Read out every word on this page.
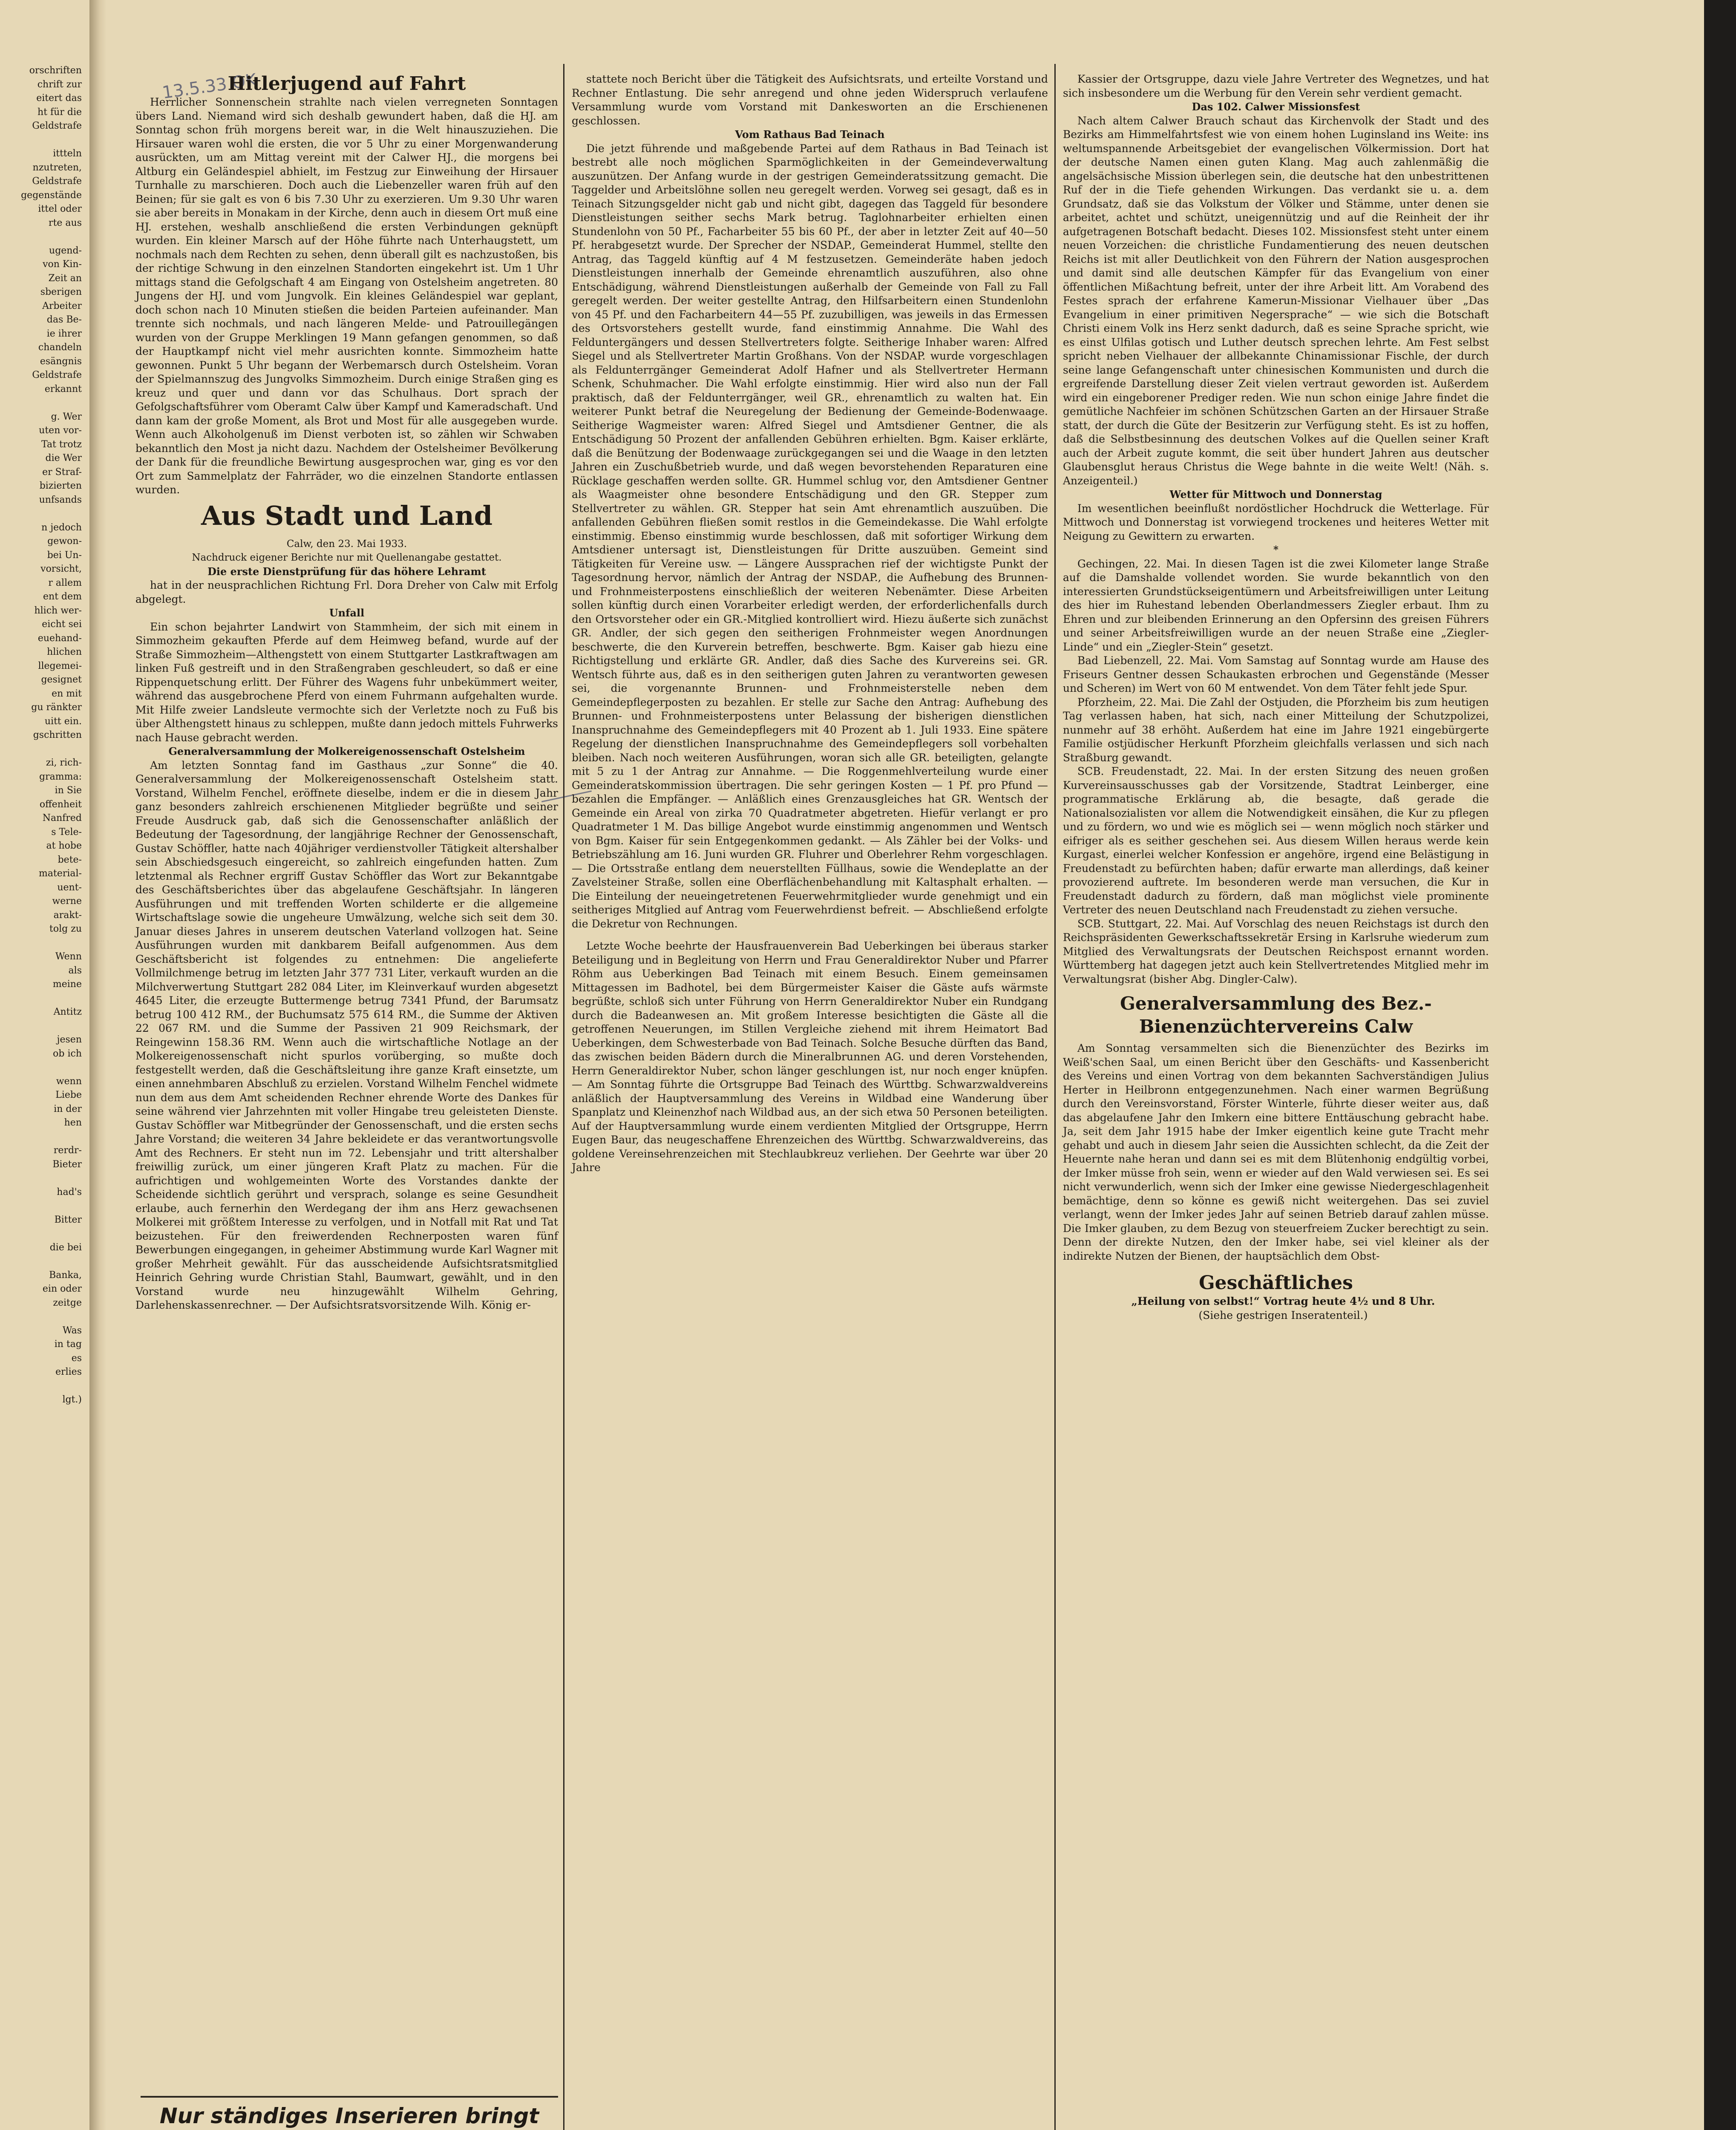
orschriften
chrift zur
eitert das
ht für die
Geldstrafe

ittteln
nzutreten,
Geldstrafe
gegenstände
ittel oder
rte aus

ugend-
von Kin-
Zeit an
sberigen
Arbeiter
das Be-
ie ihrer
chandeln
esängnis
Geldstrafe
erkannt

g. Wer
uten vor-
Tat trotz
die Wer
er Straf-
bizierten
unfsands

n jedoch
gewon-
bei Un-
vorsicht,
r allem
ent dem
hlich wer-
eicht sei
euehand-
hlichen
llegemei-
gesignet
en mit
gu ränkter
uitt ein.
gschritten

zi, rich-
gramma:
in Sie
offenheit
Nanfred
s Tele-
at hobe
bete-
material-
uent-
werne
arakt-
tolg zu

Wenn
als
meine

Antitz

jesen
ob ich

wenn
Liebe
in der
hen

rerdr-
Bieter

had's

Bitter

die bei

Banka,
ein oder
zeitge

Was
in tag
es
erlies

lgt.)
13.5.33 OK
Hitlerjugend auf Fahrt

Herrlicher Sonnenschein strahlte nach vielen verregneten Sonntagen übers Land. Niemand wird sich deshalb gewundert haben, daß die HJ. am Sonntag schon früh morgens bereit war, in die Welt hinauszuziehen. Die Hirsauer waren wohl die ersten, die vor 5 Uhr zu einer Morgenwanderung ausrückten, um am Mittag vereint mit der Calwer HJ., die morgens bei Altburg ein Geländespiel abhielt, im Festzug zur Einweihung der Hirsauer Turnhalle zu marschieren. Doch auch die Liebenzeller waren früh auf den Beinen; für sie galt es von 6 bis 7.30 Uhr zu exerzieren. Um 9.30 Uhr waren sie aber bereits in Monakam in der Kirche, denn auch in diesem Ort muß eine HJ. erstehen, weshalb anschließend die ersten Verbindungen geknüpft wurden. Ein kleiner Marsch auf der Höhe führte nach Unterhaugstett, um nochmals nach dem Rechten zu sehen, denn überall gilt es nachzustoßen, bis der richtige Schwung in den einzelnen Standorten eingekehrt ist. Um 1 Uhr mittags stand die Gefolgschaft 4 am Eingang von Ostelsheim angetreten. 80 Jungens der HJ. und vom Jungvolk. Ein kleines Geländespiel war geplant, doch schon nach 10 Minuten stießen die beiden Parteien aufeinander. Man trennte sich nochmals, und nach längeren Melde- und Patrouillegängen wurden von der Gruppe Merklingen 19 Mann gefangen genommen, so daß der Hauptkampf nicht viel mehr ausrichten konnte. Simmozheim hatte gewonnen. Punkt 5 Uhr begann der Werbemarsch durch Ostelsheim. Voran der Spielmannszug des Jungvolks Simmozheim. Durch einige Straßen ging es kreuz und quer und dann vor das Schulhaus. Dort sprach der Gefolgschaftsführer vom Oberamt Calw über Kampf und Kameradschaft. Und dann kam der große Moment, als Brot und Most für alle ausgegeben wurde. Wenn auch Alkoholgenuß im Dienst verboten ist, so zählen wir Schwaben bekanntlich den Most ja nicht dazu. Nachdem der Ostelsheimer Bevölkerung der Dank für die freundliche Bewirtung ausgesprochen war, ging es vor den Ort zum Sammelplatz der Fahrräder, wo die einzelnen Standorte entlassen wurden.

Aus Stadt und Land

Calw, den 23. Mai 1933.

Nachdruck eigener Berichte nur mit Quellenangabe gestattet.

Die erste Dienstprüfung für das höhere Lehramt

hat in der neusprachlichen Richtung Frl. Dora Dreher von Calw mit Erfolg abgelegt.

Unfall

Ein schon bejahrter Landwirt von Stammheim, der sich mit einem in Simmozheim gekauften Pferde auf dem Heimweg befand, wurde auf der Straße Simmozheim—Althengstett von einem Stuttgarter Lastkraftwagen am linken Fuß gestreift und in den Straßengraben geschleudert, so daß er eine Rippenquetschung erlitt. Der Führer des Wagens fuhr unbekümmert weiter, während das ausgebrochene Pferd von einem Fuhrmann aufgehalten wurde. Mit Hilfe zweier Landsleute vermochte sich der Verletzte noch zu Fuß bis über Althengstett hinaus zu schleppen, mußte dann jedoch mittels Fuhrwerks nach Hause gebracht werden.

Generalversammlung der Molkereigenossenschaft Ostelsheim

Am letzten Sonntag fand im Gasthaus „zur Sonne“ die 40. Generalversammlung der Molkereigenossenschaft Ostelsheim statt. Vorstand, Wilhelm Fenchel, eröffnete dieselbe, indem er die in diesem Jahr ganz besonders zahlreich erschienenen Mitglieder begrüßte und seiner Freude Ausdruck gab, daß sich die Genossenschafter anläßlich der Bedeutung der Tagesordnung, der langjährige Rechner der Genossenschaft, Gustav Schöffler, hatte nach 40jähriger verdienstvoller Tätigkeit altershalber sein Abschiedsgesuch eingereicht, so zahlreich eingefunden hatten. Zum letztenmal als Rechner ergriff Gustav Schöffler das Wort zur Bekanntgabe des Geschäftsberichtes über das abgelaufene Geschäftsjahr. In längeren Ausführungen und mit treffenden Worten schilderte er die allgemeine Wirtschaftslage sowie die ungeheure Umwälzung, welche sich seit dem 30. Januar dieses Jahres in unserem deutschen Vaterland vollzogen hat. Seine Ausführungen wurden mit dankbarem Beifall aufgenommen. Aus dem Geschäftsbericht ist folgendes zu entnehmen: Die angelieferte Vollmilchmenge betrug im letzten Jahr 377 731 Liter, verkauft wurden an die Milchverwertung Stuttgart 282 084 Liter, im Kleinverkauf wurden abgesetzt 4645 Liter, die erzeugte Buttermenge betrug 7341 Pfund, der Barumsatz betrug 100 412 RM., der Buchumsatz 575 614 RM., die Summe der Aktiven 22 067 RM. und die Summe der Passiven 21 909 Reichsmark, der Reingewinn 158.36 RM. Wenn auch die wirtschaftliche Notlage an der Molkereigenossenschaft nicht spurlos vorüberging, so mußte doch festgestellt werden, daß die Geschäftsleitung ihre ganze Kraft einsetzte, um einen annehmbaren Abschluß zu erzielen. Vorstand Wilhelm Fenchel widmete nun dem aus dem Amt scheidenden Rechner ehrende Worte des Dankes für seine während vier Jahrzehnten mit voller Hingabe treu geleisteten Dienste. Gustav Schöffler war Mitbegründer der Genossenschaft, und die ersten sechs Jahre Vorstand; die weiteren 34 Jahre bekleidete er das verantwortungsvolle Amt des Rechners. Er steht nun im 72. Lebensjahr und tritt altershalber freiwillig zurück, um einer jüngeren Kraft Platz zu machen. Für die aufrichtigen und wohlgemeinten Worte des Vorstandes dankte der Scheidende sichtlich gerührt und versprach, solange es seine Gesundheit erlaube, auch fernerhin den Werdegang der ihm ans Herz gewachsenen Molkerei mit größtem Interesse zu verfolgen, und in Notfall mit Rat und Tat beizustehen. Für den freiwerdenden Rechnerposten waren fünf Bewerbungen eingegangen, in geheimer Abstimmung wurde Karl Wagner mit großer Mehrheit gewählt. Für das ausscheidende Aufsichtsratsmitglied Heinrich Gehring wurde Christian Stahl, Baumwart, gewählt, und in den Vorstand wurde neu hinzugewählt Wilhelm Gehring, Darlehenskassenrechner. — Der Aufsichtsratsvorsitzende Wilh. König er-

Nur ständiges Inserieren bringt

stattete noch Bericht über die Tätigkeit des Aufsichtsrats, und erteilte Vorstand und Rechner Entlastung. Die sehr anregend und ohne jeden Widerspruch verlaufene Versammlung wurde vom Vorstand mit Dankesworten an die Erschienenen geschlossen.

Vom Rathaus Bad Teinach

Die jetzt führende und maßgebende Partei auf dem Rathaus in Bad Teinach ist bestrebt alle noch möglichen Sparmöglichkeiten in der Gemeindeverwaltung auszunützen. Der Anfang wurde in der gestrigen Gemeinderatssitzung gemacht. Die Taggelder und Arbeitslöhne sollen neu geregelt werden. Vorweg sei gesagt, daß es in Teinach Sitzungsgelder nicht gab und nicht gibt, dagegen das Taggeld für besondere Dienstleistungen seither sechs Mark betrug. Taglohnarbeiter erhielten einen Stundenlohn von 50 Pf., Facharbeiter 55 bis 60 Pf., der aber in letzter Zeit auf 40—50 Pf. herabgesetzt wurde. Der Sprecher der NSDAP., Gemeinderat Hummel, stellte den Antrag, das Taggeld künftig auf 4 M festzusetzen. Gemeinderäte haben jedoch Dienstleistungen innerhalb der Gemeinde ehrenamtlich auszuführen, also ohne Entschädigung, während Dienstleistungen außerhalb der Gemeinde von Fall zu Fall geregelt werden. Der weiter gestellte Antrag, den Hilfsarbeitern einen Stundenlohn von 45 Pf. und den Facharbeitern 44—55 Pf. zuzubilligen, was jeweils in das Ermessen des Ortsvorstehers gestellt wurde, fand einstimmig Annahme. Die Wahl des Felduntergängers und dessen Stellvertreters folgte. Seitherige Inhaber waren: Alfred Siegel und als Stellvertreter Martin Großhans. Von der NSDAP. wurde vorgeschlagen als Feldunterrgänger Gemeinderat Adolf Hafner und als Stellvertreter Hermann Schenk, Schuhmacher. Die Wahl erfolgte einstimmig. Hier wird also nun der Fall praktisch, daß der Feldunterrgänger, weil GR., ehrenamtlich zu walten hat. Ein weiterer Punkt betraf die Neuregelung der Bedienung der Gemeinde-Bodenwaage. Seitherige Wagmeister waren: Alfred Siegel und Amtsdiener Gentner, die als Entschädigung 50 Prozent der anfallenden Gebühren erhielten. Bgm. Kaiser erklärte, daß die Benützung der Bodenwaage zurückgegangen sei und die Waage in den letzten Jahren ein Zuschußbetrieb wurde, und daß wegen bevorstehenden Reparaturen eine Rücklage geschaffen werden sollte. GR. Hummel schlug vor, den Amtsdiener Gentner als Waagmeister ohne besondere Entschädigung und den GR. Stepper zum Stellvertreter zu wählen. GR. Stepper hat sein Amt ehrenamtlich auszuüben. Die anfallenden Gebühren fließen somit restlos in die Gemeindekasse. Die Wahl erfolgte einstimmig. Ebenso einstimmig wurde beschlossen, daß mit sofortiger Wirkung dem Amtsdiener untersagt ist, Dienstleistungen für Dritte auszuüben. Gemeint sind Tätigkeiten für Vereine usw. — Längere Aussprachen rief der wichtigste Punkt der Tagesordnung hervor, nämlich der Antrag der NSDAP., die Aufhebung des Brunnen- und Frohnmeisterpostens einschließlich der weiteren Nebenämter. Diese Arbeiten sollen künftig durch einen Vorarbeiter erledigt werden, der erforderlichenfalls durch den Ortsvorsteher oder ein GR.-Mitglied kontrolliert wird. Hiezu äußerte sich zunächst GR. Andler, der sich gegen den seitherigen Frohnmeister wegen Anordnungen beschwerte, die den Kurverein betreffen, beschwerte. Bgm. Kaiser gab hiezu eine Richtigstellung und erklärte GR. Andler, daß dies Sache des Kurvereins sei. GR. Wentsch führte aus, daß es in den seitherigen guten Jahren zu verantworten gewesen sei, die vorgenannte Brunnen- und Frohnmeisterstelle neben dem Gemeindepflegerposten zu bezahlen. Er stelle zur Sache den Antrag: Aufhebung des Brunnen- und Frohnmeisterpostens unter Belassung der bisherigen dienstlichen Inanspruchnahme des Gemeindepflegers mit 40 Prozent ab 1. Juli 1933. Eine spätere Regelung der dienstlichen Inanspruchnahme des Gemeindepflegers soll vorbehalten bleiben. Nach noch weiteren Ausführungen, woran sich alle GR. beteiligten, gelangte mit 5 zu 1 der Antrag zur Annahme. — Die Roggenmehlverteilung wurde einer Gemeinderatskommission übertragen. Die sehr geringen Kosten — 1 Pf. pro Pfund — bezahlen die Empfänger. — Anläßlich eines Grenzausgleiches hat GR. Wentsch der Gemeinde ein Areal von zirka 70 Quadratmeter abgetreten. Hiefür verlangt er pro Quadratmeter 1 M. Das billige Angebot wurde einstimmig angenommen und Wentsch von Bgm. Kaiser für sein Entgegenkommen gedankt. — Als Zähler bei der Volks- und Betriebszählung am 16. Juni wurden GR. Fluhrer und Oberlehrer Rehm vorgeschlagen. — Die Ortsstraße entlang dem neuerstellten Füllhaus, sowie die Wendeplatte an der Zavelsteiner Straße, sollen eine Oberflächenbehandlung mit Kaltasphalt erhalten. — Die Einteilung der neueingetretenen Feuerwehrmitglieder wurde genehmigt und ein seitheriges Mitglied auf Antrag vom Feuerwehrdienst befreit. — Abschließend erfolgte die Dekretur von Rechnungen.

Letzte Woche beehrte der Hausfrauenverein Bad Ueberkingen bei überaus starker Beteiligung und in Begleitung von Herrn und Frau Generaldirektor Nuber und Pfarrer Röhm aus Ueberkingen Bad Teinach mit einem Besuch. Einem gemeinsamen Mittagessen im Badhotel, bei dem Bürgermeister Kaiser die Gäste aufs wärmste begrüßte, schloß sich unter Führung von Herrn Generaldirektor Nuber ein Rundgang durch die Badeanwesen an. Mit großem Interesse besichtigten die Gäste all die getroffenen Neuerungen, im Stillen Vergleiche ziehend mit ihrem Heimatort Bad Ueberkingen, dem Schwesterbade von Bad Teinach. Solche Besuche dürften das Band, das zwischen beiden Bädern durch die Mineralbrunnen AG. und deren Vorstehenden, Herrn Generaldirektor Nuber, schon länger geschlungen ist, nur noch enger knüpfen. — Am Sonntag führte die Ortsgruppe Bad Teinach des Württbg. Schwarzwaldvereins anläßlich der Hauptversammlung des Vereins in Wildbad eine Wanderung über Spanplatz und Kleinenzhof nach Wildbad aus, an der sich etwa 50 Personen beteiligten. Auf der Hauptversammlung wurde einem verdienten Mitglied der Ortsgruppe, Herrn Eugen Baur, das neugeschaffene Ehrenzeichen des Württbg. Schwarzwaldvereins, das goldene Vereinsehrenzeichen mit Stechlaubkreuz verliehen. Der Geehrte war über 20 Jahre

Kassier der Ortsgruppe, dazu viele Jahre Vertreter des Wegnetzes, und hat sich insbesondere um die Werbung für den Verein sehr verdient gemacht.

Das 102. Calwer Missionsfest

Nach altem Calwer Brauch schaut das Kirchenvolk der Stadt und des Bezirks am Himmelfahrtsfest wie von einem hohen Luginsland ins Weite: ins weltumspannende Arbeitsgebiet der evangelischen Völkermission. Dort hat der deutsche Namen einen guten Klang. Mag auch zahlenmäßig die angelsächsische Mission überlegen sein, die deutsche hat den unbestrittenen Ruf der in die Tiefe gehenden Wirkungen. Das verdankt sie u. a. dem Grundsatz, daß sie das Volkstum der Völker und Stämme, unter denen sie arbeitet, achtet und schützt, uneigennützig und auf die Reinheit der ihr aufgetragenen Botschaft bedacht. Dieses 102. Missionsfest steht unter einem neuen Vorzeichen: die christliche Fundamentierung des neuen deutschen Reichs ist mit aller Deutlichkeit von den Führern der Nation ausgesprochen und damit sind alle deutschen Kämpfer für das Evangelium von einer öffentlichen Mißachtung befreit, unter der ihre Arbeit litt. Am Vorabend des Festes sprach der erfahrene Kamerun-Missionar Vielhauer über „Das Evangelium in einer primitiven Negersprache“ — wie sich die Botschaft Christi einem Volk ins Herz senkt dadurch, daß es seine Sprache spricht, wie es einst Ulfilas gotisch und Luther deutsch sprechen lehrte. Am Fest selbst spricht neben Vielhauer der allbekannte Chinamissionar Fischle, der durch seine lange Gefangenschaft unter chinesischen Kommunisten und durch die ergreifende Darstellung dieser Zeit vielen vertraut geworden ist. Außerdem wird ein eingeborener Prediger reden. Wie nun schon einige Jahre findet die gemütliche Nachfeier im schönen Schützschen Garten an der Hirsauer Straße statt, der durch die Güte der Besitzerin zur Verfügung steht. Es ist zu hoffen, daß die Selbstbesinnung des deutschen Volkes auf die Quellen seiner Kraft auch der Arbeit zugute kommt, die seit über hundert Jahren aus deutscher Glaubensglut heraus Christus die Wege bahnte in die weite Welt! (Näh. s. Anzeigenteil.)

Wetter für Mittwoch und Donnerstag

Im wesentlichen beeinflußt nordöstlicher Hochdruck die Wetterlage. Für Mittwoch und Donnerstag ist vorwiegend trockenes und heiteres Wetter mit Neigung zu Gewittern zu erwarten.

*

Gechingen, 22. Mai. In diesen Tagen ist die zwei Kilometer lange Straße auf die Damshalde vollendet worden. Sie wurde bekanntlich von den interessierten Grundstückseigentümern und Arbeitsfreiwilligen unter Leitung des hier im Ruhestand lebenden Oberlandmessers Ziegler erbaut. Ihm zu Ehren und zur bleibenden Erinnerung an den Opfersinn des greisen Führers und seiner Arbeitsfreiwilligen wurde an der neuen Straße eine „Ziegler-Linde“ und ein „Ziegler-Stein“ gesetzt.

Bad Liebenzell, 22. Mai. Vom Samstag auf Sonntag wurde am Hause des Friseurs Gentner dessen Schaukasten erbrochen und Gegenstände (Messer und Scheren) im Wert von 60 M entwendet. Von dem Täter fehlt jede Spur.

Pforzheim, 22. Mai. Die Zahl der Ostjuden, die Pforzheim bis zum heutigen Tag verlassen haben, hat sich, nach einer Mitteilung der Schutzpolizei, nunmehr auf 38 erhöht. Außerdem hat eine im Jahre 1921 eingebürgerte Familie ostjüdischer Herkunft Pforzheim gleichfalls verlassen und sich nach Straßburg gewandt.

SCB. Freudenstadt, 22. Mai. In der ersten Sitzung des neuen großen Kurvereinsausschusses gab der Vorsitzende, Stadtrat Leinberger, eine programmatische Erklärung ab, die besagte, daß gerade die Nationalsozialisten vor allem die Notwendigkeit einsähen, die Kur zu pflegen und zu fördern, wo und wie es möglich sei — wenn möglich noch stärker und eifriger als es seither geschehen sei. Aus diesem Willen heraus werde kein Kurgast, einerlei welcher Konfession er angehöre, irgend eine Belästigung in Freudenstadt zu befürchten haben; dafür erwarte man allerdings, daß keiner provozierend auftrete. Im besonderen werde man versuchen, die Kur in Freudenstadt dadurch zu fördern, daß man möglichst viele prominente Vertreter des neuen Deutschland nach Freudenstadt zu ziehen versuche.

SCB. Stuttgart, 22. Mai. Auf Vorschlag des neuen Reichstags ist durch den Reichspräsidenten Gewerkschaftssekretär Ersing in Karlsruhe wiederum zum Mitglied des Verwaltungsrats der Deutschen Reichspost ernannt worden. Württemberg hat dagegen jetzt auch kein Stellvertretendes Mitglied mehr im Verwaltungsrat (bisher Abg. Dingler-Calw).

Generalversammlung des Bez.-Bienenzüchtervereins Calw

Am Sonntag versammelten sich die Bienenzüchter des Bezirks im Weiß'schen Saal, um einen Bericht über den Geschäfts- und Kassenbericht des Vereins und einen Vortrag von dem bekannten Sachverständigen Julius Herter in Heilbronn entgegenzunehmen. Nach einer warmen Begrüßung durch den Vereinsvorstand, Förster Winterle, führte dieser weiter aus, daß das abgelaufene Jahr den Imkern eine bittere Enttäuschung gebracht habe. Ja, seit dem Jahr 1915 habe der Imker eigentlich keine gute Tracht mehr gehabt und auch in diesem Jahr seien die Aussichten schlecht, da die Zeit der Heuernte nahe heran und dann sei es mit dem Blütenhonig endgültig vorbei, der Imker müsse froh sein, wenn er wieder auf den Wald verwiesen sei. Es sei nicht verwunderlich, wenn sich der Imker eine gewisse Niedergeschlagenheit bemächtige, denn so könne es gewiß nicht weitergehen. Das sei zuviel verlangt, wenn der Imker jedes Jahr auf seinen Betrieb darauf zahlen müsse. Die Imker glauben, zu dem Bezug von steuerfreiem Zucker berechtigt zu sein. Denn der direkte Nutzen, den der Imker habe, sei viel kleiner als der indirekte Nutzen der Bienen, der hauptsächlich dem Obst-

Geschäftliches

„Heilung von selbst!“ Vortrag heute 4½ und 8 Uhr.

(Siehe gestrigen Inseratenteil.)
